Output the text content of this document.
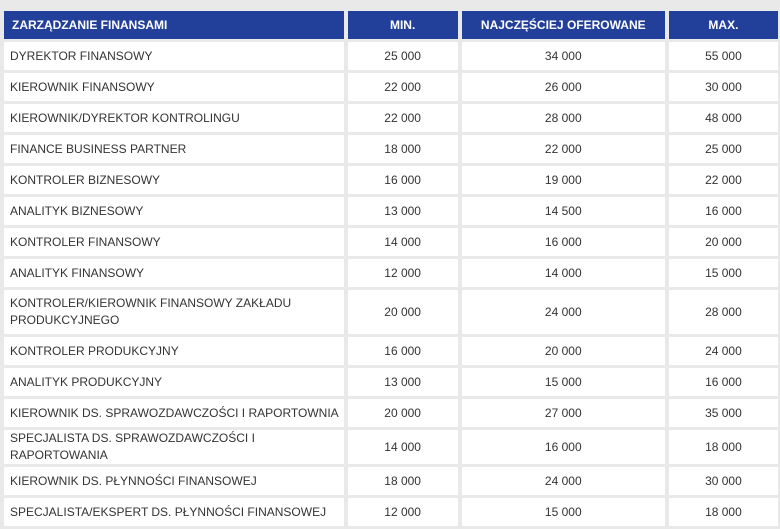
ZARZĄDZANIE FINANSAMI	MIN.	NAJCZĘŚCIEJ OFEROWANE	MAX.
DYREKTOR FINANSOWY	25 000	34 000	55 000
KIEROWNIK FINANSOWY	22 000	26 000	30 000
KIEROWNIK/DYREKTOR KONTROLINGU	22 000	28 000	48 000
FINANCE BUSINESS PARTNER	18 000	22 000	25 000
KONTROLER BIZNESOWY	16 000	19 000	22 000
ANALITYK BIZNESOWY	13 000	14 500	16 000
KONTROLER FINANSOWY	14 000	16 000	20 000
ANALITYK FINANSOWY	12 000	14 000	15 000
KONTROLER/KIEROWNIK FINANSOWY ZAKŁADU PRODUKCYJNEGO	20 000	24 000	28 000
KONTROLER PRODUKCYJNY	16 000	20 000	24 000
ANALITYK PRODUKCYJNY	13 000	15 000	16 000
KIEROWNIK DS. SPRAWOZDAWCZOŚCI I RAPORTOWNIA	20 000	27 000	35 000
SPECJALISTA DS. SPRAWOZDAWCZOŚCI I RAPORTOWANIA	14 000	16 000	18 000
KIEROWNIK DS. PŁYNNOŚCI FINANSOWEJ	18 000	24 000	30 000
SPECJALISTA/EKSPERT DS. PŁYNNOŚCI FINANSOWEJ	12 000	15 000	18 000
